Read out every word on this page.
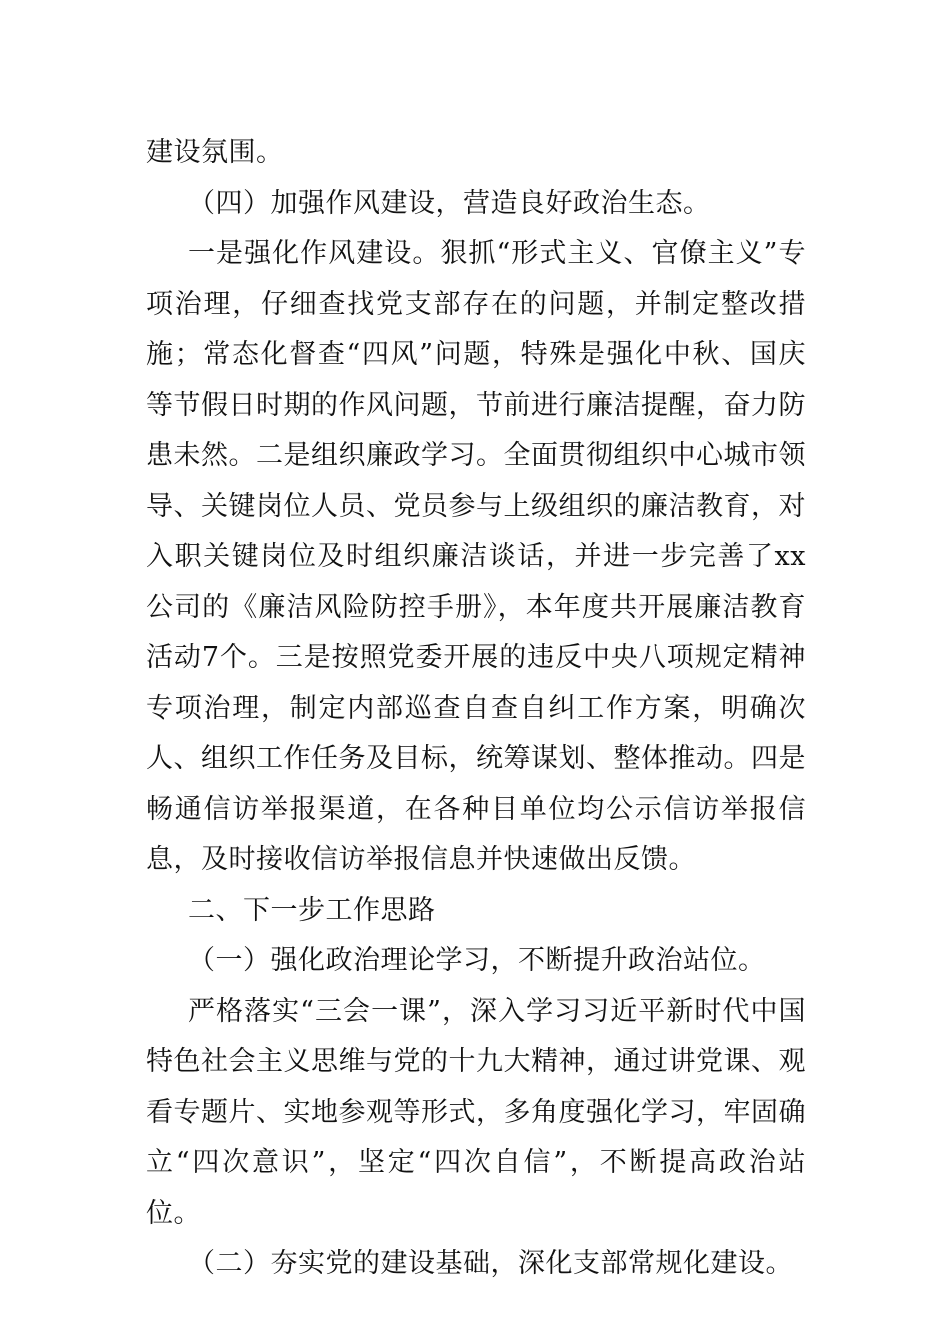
建设氛围。

（四）加强作风建设，营造良好政治生态。

一是强化作风建设。狠抓“形式主义、官僚主义”专项治理，仔细查找党支部存在的问题，并制定整改措施；常态化督查“四风”问题，特殊是强化中秋、国庆等节假日时期的作风问题，节前进行廉洁提醒，奋力防患未然。二是组织廉政学习。全面贯彻组织中心城市领导、关键岗位人员、党员参与上级组织的廉洁教育，对入职关键岗位及时组织廉洁谈话，并进一步完善了xx公司的《廉洁风险防控手册》，本年度共开展廉洁教育活动7个。三是按照党委开展的违反中央八项规定精神专项治理，制定内部巡查自查自纠工作方案，明确次人、组织工作任务及目标，统筹谋划、整体推动。四是畅通信访举报渠道，在各种目单位均公示信访举报信息，及时接收信访举报信息并快速做出反馈。

二、下一步工作思路

（一）强化政治理论学习，不断提升政治站位。

严格落实“三会一课”，深入学习习近平新时代中国特色社会主义思维与党的十九大精神，通过讲党课、观看专题片、实地参观等形式，多角度强化学习，牢固确立“四次意识”，坚定“四次自信”，不断提高政治站位。

（二）夯实党的建设基础，深化支部常规化建设。
